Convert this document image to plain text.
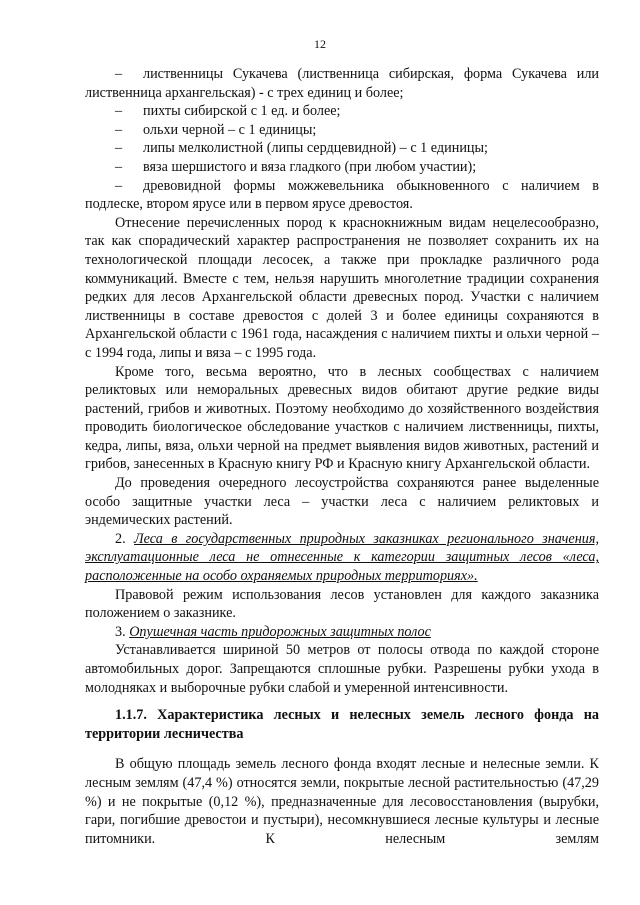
12

– лиственницы Сукачева (лиственница сибирская, форма Сукачева или лиственница архангельская) - с трех единиц и более;

– пихты сибирской с 1 ед. и более;

– ольхи черной – с 1 единицы;

– липы мелколистной (липы сердцевидной) – с 1 единицы;

– вяза шершистого и вяза гладкого (при любом участии);

– древовидной формы можжевельника обыкновенного с наличием в подлеске, втором ярусе или в первом ярусе древостоя.

Отнесение перечисленных пород к краснокнижным видам нецелесообразно, так как спорадический характер распространения не позволяет сохранить их на технологической площади лесосек, а также при прокладке различного рода коммуникаций. Вместе с тем, нельзя нарушить многолетние традиции сохранения редких для лесов Архангельской области древесных пород. Участки с наличием лиственницы в составе древостоя с долей 3 и более единицы сохраняются в Архангельской области с 1961 года, насаждения с наличием пихты и ольхи черной – с 1994 года, липы и вяза – с 1995 года.

Кроме того, весьма вероятно, что в лесных сообществах с наличием реликтовых или неморальных древесных видов обитают другие редкие виды растений, грибов и животных. Поэтому необходимо до хозяйственного воздействия проводить биологическое обследование участков с наличием лиственницы, пихты, кедра, липы, вяза, ольхи черной на предмет выявления видов животных, растений и грибов, занесенных в Красную книгу РФ и Красную книгу Архангельской области.

До проведения очередного лесоустройства сохраняются ранее выделенные особо защитные участки леса – участки леса с наличием реликтовых и эндемических растений.

2. Леса в государственных природных заказниках регионального значения, эксплуатационные леса не отнесенные к категории защитных лесов «леса, расположенные на особо охраняемых природных территориях».

Правовой режим использования лесов установлен для каждого заказника положением о заказнике.

3. Опушечная часть придорожных защитных полос

Устанавливается шириной 50 метров от полосы отвода по каждой стороне автомобильных дорог. Запрещаются сплошные рубки. Разрешены рубки ухода в молодняках и выборочные рубки слабой и умеренной интенсивности.

1.1.7. Характеристика лесных и нелесных земель лесного фонда на территории лесничества

В общую площадь земель лесного фонда входят лесные и нелесные земли. К лесным землям (47,4 %) относятся земли, покрытые лесной растительностью (47,29 %) и не покрытые (0,12 %), предназначенные для лесовосстановления (вырубки, гари, погибшие древостои и пустыри), несомкнувшиеся лесные культуры и лесные питомники. К нелесным землям
